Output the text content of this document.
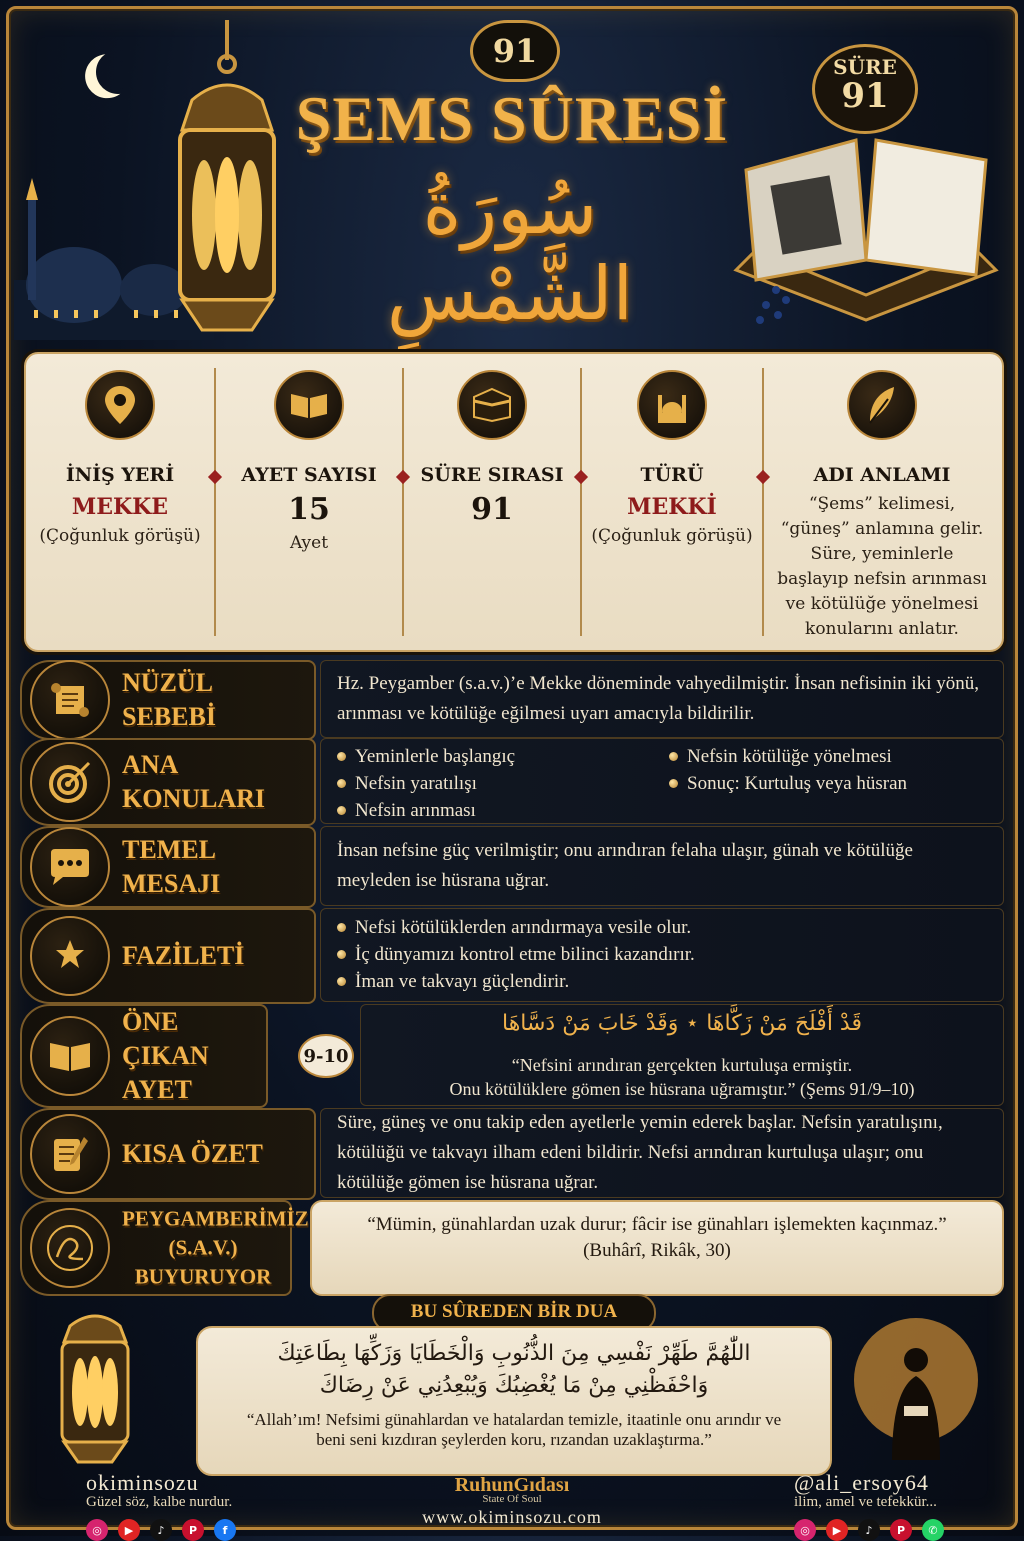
91
ŞEMS SÛRESİ
سُورَةُ الشَّمْسِ
SÜRE
91
İNİŞ YERİ
MEKKE
(Çoğunluk görüşü)
AYET SAYISI
15
Ayet
SÜRE SIRASI
91
TÜRÜ
MEKKİ
(Çoğunluk görüşü)
ADI ANLAMI
“Şems” kelimesi, “güneş” anlamına gelir. Süre, yeminlerle başlayıp nefsin arınması ve kötülüğe yönelmesi konularını anlatır.
NÜZÜL SEBEBİ
Hz. Peygamber (s.a.v.)’e Mekke döneminde vahyedilmiştir. İnsan nefisinin iki yönü, arınması ve kötülüğe eğilmesi uyarı amacıyla bildirilir.
ANA KONULARI
Yeminlerle başlangıç
Nefsin yaratılışı
Nefsin arınması
Nefsin kötülüğe yönelmesi
Sonuç: Kurtuluş veya hüsran
TEMEL MESAJI
İnsan nefsine güç verilmiştir; onu arındıran felaha ulaşır, günah ve kötülüğe meyleden ise hüsrana uğrar.
FAZİLETİ
Nefsi kötülüklerden arındırmaya vesile olur.
İç dünyamızı kontrol etme bilinci kazandırır.
İman ve takvayı güçlendirir.
ÖNE ÇIKAN AYET
9-10
قَدْ أَفْلَحَ مَنْ زَكَّاهَا ⋆ وَقَدْ خَابَ مَنْ دَسَّاهَا
“Nefsini arındıran gerçekten kurtuluşa ermiştir.
Onu kötülüklere gömen ise hüsrana uğramıştır.” (Şems 91/9–10)
KISA ÖZET
Süre, güneş ve onu takip eden ayetlerle yemin ederek başlar. Nefsin yaratılışını, kötülüğü ve takvayı ilham edeni bildirir. Nefsi arındıran kurtuluşa ulaşır; onu kötülüğe gömen ise hüsrana uğrar.
PEYGAMBERİMİZ
(S.A.V.)
BUYURUYOR
“Mümin, günahlardan uzak durur; fâcir ise günahları işlemekten kaçınmaz.”
(Buhârî, Rikâk, 30)
BU SÛREDEN BİR DUA
اللّٰهُمَّ طَهِّرْ نَفْسِي مِنَ الذُّنُوبِ وَالْخَطَايَا وَزَكِّهَا بِطَاعَتِكَ
وَاحْفَظْنِي مِنْ مَا يُغْضِبُكَ وَيُبْعِدُنِي عَنْ رِضَاكَ
“Allah’ım! Nefsimi günahlardan ve hatalardan temizle, itaatinle onu arındır ve beni seni kızdıran şeylerden koru, rızandan uzaklaştırma.”
okiminsozu
Güzel söz, kalbe nurdur.
◎	▶	♪	P	f
RuhunGıdası
State Of Soul
www.okiminsozu.com
@ali_ersoy64
ilim, amel ve tefekkür...
◎	▶	♪	P	✆
